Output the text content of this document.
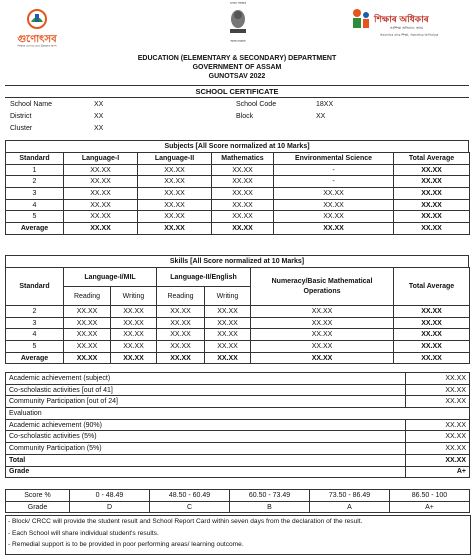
গুণোৎসব
শিক্ষাৰ গুণগত মান উন্নয়নৰ অংশ
ভাৰত সৰকাৰ
অসম চৰকাৰ
শিক্ষাৰ অধিকাৰ
সৰ্বশিক্ষা অভিযান, অসম
সকলোৰে বাবে শিক্ষা, সকলোৱে আগবাঢ়ক
EDUCATION (ELEMENTARY & SECONDARY) DEPARTMENT
GOVERNMENT OF ASSAM
GUNOTSAV 2022
SCHOOL CERTIFICATE
School Name	XX	School Code	18XX
District	XX	Block	XX
Cluster	XX
Subjects [All Score normalized at 10 Marks]
Standard	Language-I	Language-II	Mathematics	Environmental Science	Total Average
1	XX.XX	XX.XX	XX.XX	-	XX.XX
2	XX.XX	XX.XX	XX.XX	-	XX.XX
3	XX.XX	XX.XX	XX.XX	XX.XX	XX.XX
4	XX.XX	XX.XX	XX.XX	XX.XX	XX.XX
5	XX.XX	XX.XX	XX.XX	XX.XX	XX.XX
Average	XX.XX	XX.XX	XX.XX	XX.XX	XX.XX
Skills [All Score normalized at 10 Marks]
Standard	Language-I/MIL		Language-II/English		Numeracy/Basic Mathematical Operations	Total Average
	Reading	Writing	Reading	Writing		
2	XX.XX	XX.XX	XX.XX	XX.XX	XX.XX	XX.XX
3	XX.XX	XX.XX	XX.XX	XX.XX	XX.XX	XX.XX
4	XX.XX	XX.XX	XX.XX	XX.XX	XX.XX	XX.XX
5	XX.XX	XX.XX	XX.XX	XX.XX	XX.XX	XX.XX
Average	XX.XX	XX.XX	XX.XX	XX.XX	XX.XX	XX.XX
Academic achievement (subject)	XX.XX
Co-scholastic activities [out of 41]	XX.XX
Community Participation [out of 24]	XX.XX
Evaluation	
Academic achievement (90%)	XX.XX
Co-scholastic activities (5%)	XX.XX
Community Participation (5%)	XX.XX
Total	XX.XX
Grade	A+
Score %	0 - 48.49	48.50 - 60.49	60.50 - 73.49	73.50 - 86.49	86.50 - 100
Grade	D	C	B	A	A+
- Block/ CRCC will provide the student result and School Report Card within seven days from the declaration of the result.
- Each School will share individual student's results.
- Remedial support is to be provided in poor performing areas/ learning outcome.
